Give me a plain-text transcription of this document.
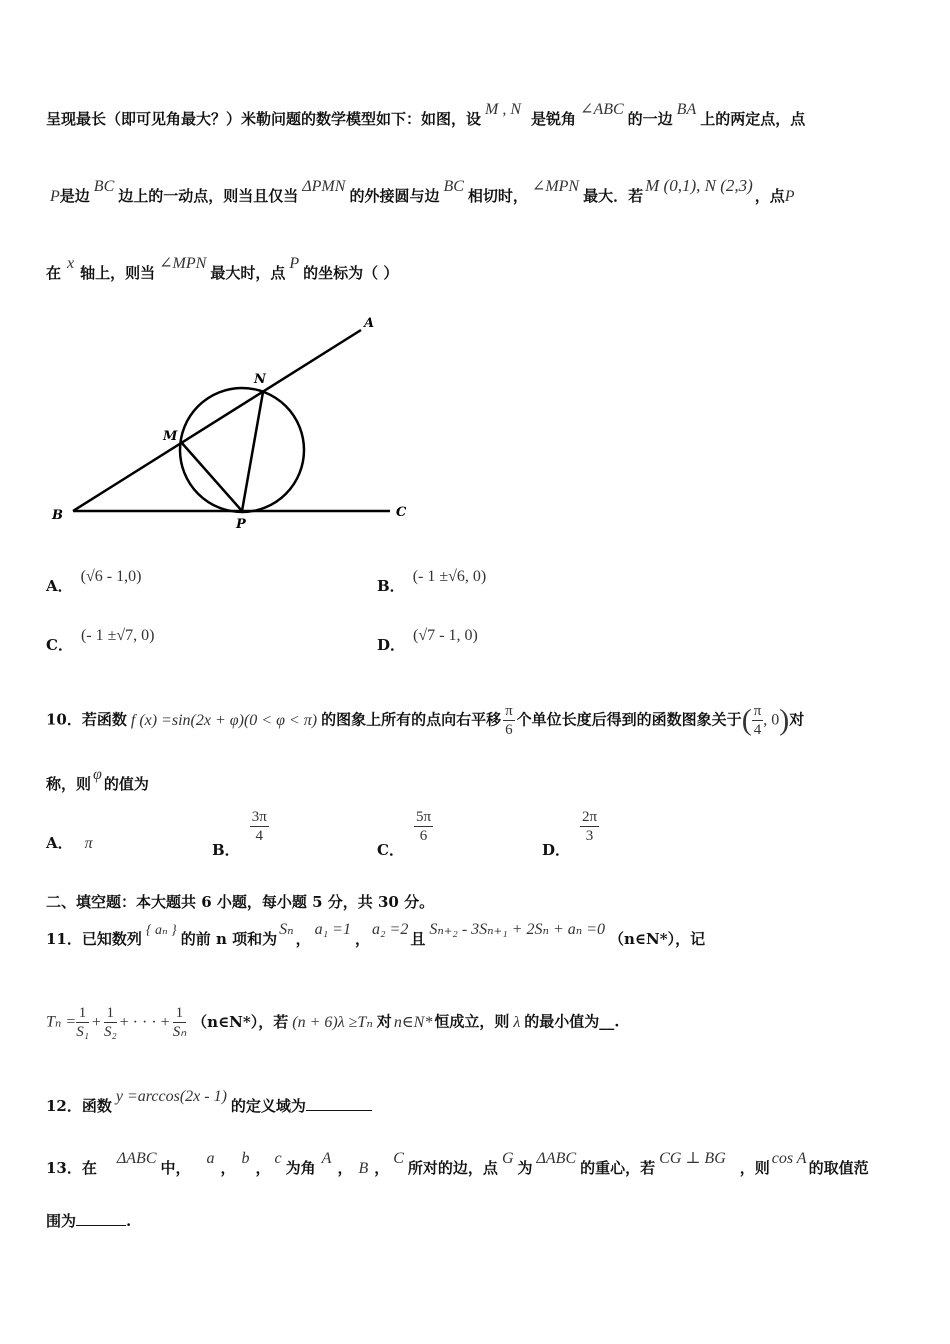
呈现最长（即可见角最大？）米勒问题的数学模型如下：如图，设M , N是锐角∠ABC的一边BA上的两定点，点
P是边BC边上的一动点，则当且仅当ΔPMN的外接圆与边BC相切时，∠MPN最大．若M (0,1), N (2,3)，点P
在x轴上，则当∠MPN最大时，点P的坐标为（ ）
A
N
M
B
P
C
A．(√6 - 1,0)
B．(- 1 ±√6, 0)
C．(- 1 ±√7, 0)
D．(√7 - 1, 0)
10．若函数 f (x) =sin(2x + φ)(0 < φ < π) 的图象上所有的点向右平移 $\frac{\pi}{6}$ 个单位长度后得到的函数图象关于( $\frac{\pi}{4}$ , 0)对
称，则φ的值为
A． π	B．
$\frac{3\pi}{4}$
C．
$\frac{5\pi}{6}$
D．
$\frac{2\pi}{3}$
二、填空题：本大题共 6 小题，每小题 5 分，共 30 分。
11．已知数列 { aₙ } 的前 n 项和为Sₙ，a₁ =1，a₂ =2且Sₙ₊₂ - 3Sₙ₊₁ + 2Sₙ + aₙ =0（n∈N*），记
$T_n = \frac{1}{\text{S₁}} + \frac{1}{\text{S₂}}$ + · · · + $\frac{1}{\text{Sₙ}}$ （n∈N*），若 (n + 6)λ ≥Tₙ 对 n∈N* 恒成立，则 λ 的最小值为__.
12．函数y =arccos(2x - 1)的定义域为
13．在ΔABC中，a，b，c为角A， B ，C所对的边，点G为ΔABC的重心，若CG ⊥ BG，则cos A的取值范
围为	.
